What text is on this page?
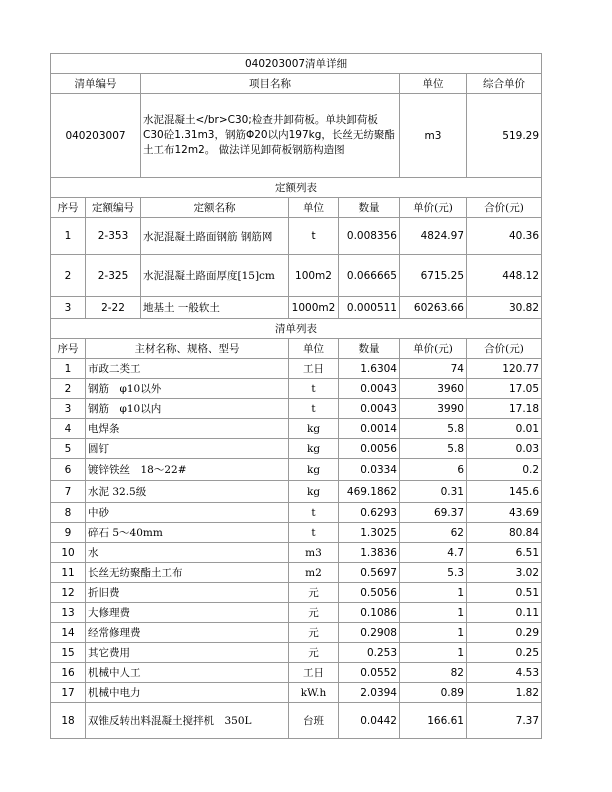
040203007清单详细						
清单编号		项目名称			单位	综合单价
040203007		水泥混凝土</br>C30;检查井卸荷板。单块卸荷板C30砼1.31m3，钢筋Φ20以内197kg，长丝无纺聚酯土工布12m2。 做法详见卸荷板钢筋构造图			m3	519.29
定额列表						
序号	定额编号	定额名称	单位	数量	单价(元)	合价(元)
1	2-353	水泥混凝土路面钢筋 钢筋网	t	0.008356	4824.97	40.36
2	2-325	水泥混凝土路面厚度[15]cm	100m2	0.066665	6715.25	448.12
3	2-22	地基土 一般软土	1000m2	0.000511	60263.66	30.82
清单列表						
序号	主材名称、规格、型号		单位	数量	单价(元)	合价(元)
1	市政二类工		工日	1.6304	74	120.77
2	钢筋　φ10以外		t	0.0043	3960	17.05
3	钢筋　φ10以内		t	0.0043	3990	17.18
4	电焊条		kg	0.0014	5.8	0.01
5	圆钉		kg	0.0056	5.8	0.03
6	镀锌铁丝　18～22#		kg	0.0334	6	0.2
7	水泥 32.5级		kg	469.1862	0.31	145.6
8	中砂		t	0.6293	69.37	43.69
9	碎石 5～40mm		t	1.3025	62	80.84
10	水		m3	1.3836	4.7	6.51
11	长丝无纺聚酯土工布		m2	0.5697	5.3	3.02
12	折旧费		元	0.5056	1	0.51
13	大修理费		元	0.1086	1	0.11
14	经常修理费		元	0.2908	1	0.29
15	其它费用		元	0.253	1	0.25
16	机械中人工		工日	0.0552	82	4.53
17	机械中电力		kW.h	2.0394	0.89	1.82
18	双锥反转出料混凝土搅拌机　350L		台班	0.0442	166.61	7.37
